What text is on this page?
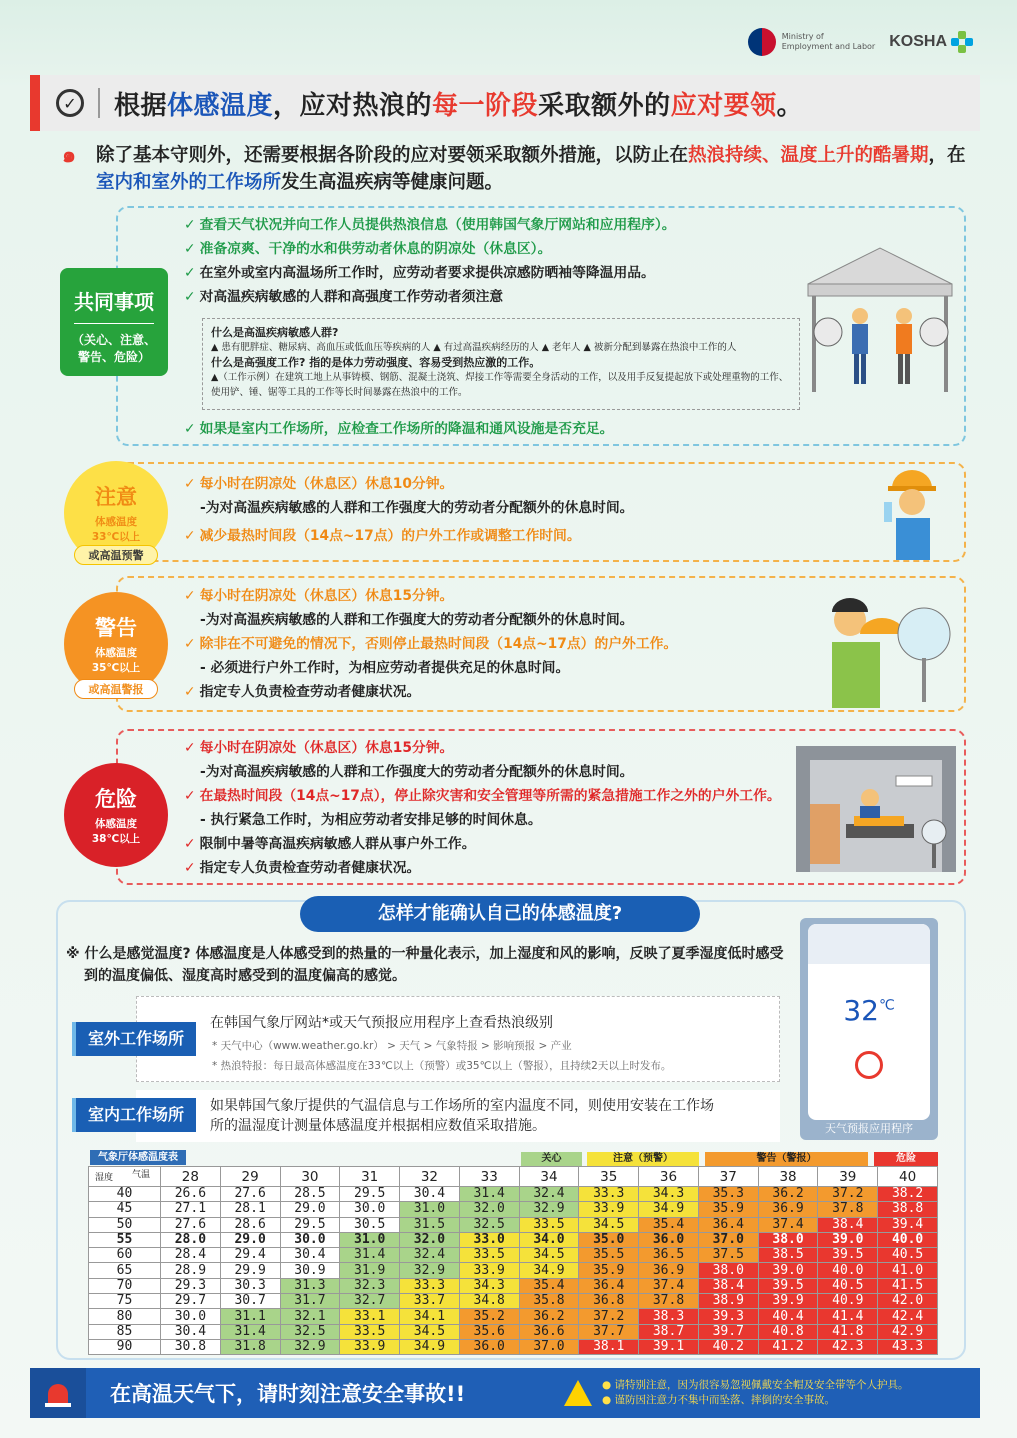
Ministry of
Employment and Labor KOSHA
✓ 根据体感温度，应对热浪的每一阶段采取额外的应对要领。
๑	除了基本守则外，还需要根据各阶段的应对要领采取额外措施，以防止在热浪持续、温度上升的酷暑期，在室内和室外的工作场所发生高温疾病等健康问题。
共同事项
（关心、注意、
警告、危险）
✓ 查看天气状况并向工作人员提供热浪信息（使用韩国气象厅网站和应用程序）。
✓ 准备凉爽、干净的水和供劳动者休息的阴凉处（休息区）。
✓ 在室外或室内高温场所工作时，应劳动者要求提供凉感防晒袖等降温用品。
✓ 对高温疾病敏感的人群和高强度工作劳动者须注意
什么是高温疾病敏感人群?
▲ 患有肥胖症、糖尿病、高血压或低血压等疾病的人 ▲ 有过高温疾病经历的人 ▲ 老年人 ▲ 被新分配到暴露在热浪中工作的人
什么是高强度工作? 指的是体力劳动强度、容易受到热应激的工作。
▲（工作示例）在建筑工地上从事铸模、钢筋、混凝土浇筑、焊接工作等需要全身活动的工作，以及用手反复提起放下或处理重物的工作、
使用铲、锤、锯等工具的工作等长时间暴露在热浪中的工作。
✓ 如果是室内工作场所，应检查工作场所的降温和通风设施是否充足。
注意
体感温度
33℃以上
或高温预警
✓ 每小时在阴凉处（休息区）休息10分钟。
-为对高温疾病敏感的人群和工作强度大的劳动者分配额外的休息时间。
✓ 减少最热时间段（14点~17点）的户外工作或调整工作时间。
警告
体感温度
35℃以上
或高温警报
✓ 每小时在阴凉处（休息区）休息15分钟。
-为对高温疾病敏感的人群和工作强度大的劳动者分配额外的休息时间。
✓ 除非在不可避免的情况下，否则停止最热时间段（14点~17点）的户外工作。
- 必须进行户外工作时，为相应劳动者提供充足的休息时间。
✓ 指定专人负责检查劳动者健康状况。
危险
体感温度
38℃以上
✓ 每小时在阴凉处（休息区）休息15分钟。
-为对高温疾病敏感的人群和工作强度大的劳动者分配额外的休息时间。
✓ 在最热时间段（14点~17点），停止除灾害和安全管理等所需的紧急措施工作之外的户外工作。
- 执行紧急工作时，为相应劳动者安排足够的时间休息。
✓ 限制中暑等高温疾病敏感人群从事户外工作。
✓ 指定专人负责检查劳动者健康状况。
怎样才能确认自己的体感温度?
※ 什么是感觉温度? 体感温度是人体感受到的热量的一种量化表示，加上湿度和风的影响，反映了夏季湿度低时感受
到的温度偏低、湿度高时感受到的温度偏高的感觉。
室外工作场所
在韩国气象厅网站*或天气预报应用程序上查看热浪级别
* 天气中心（www.weather.go.kr） > 天气 > 气象特报 > 影响预报 > 产业
* 热浪特报：每日最高体感温度在33℃以上（预警）或35℃以上（警报），且持续2天以上时发布。
室内工作场所	如果韩国气象厅提供的气温信息与工作场所的室内温度不同，则使用安装在工作场
所的温湿度计测量体感温度并根据相应数值采取措施。
32℃
天气预报应用程序
气象厅体感温度表	关心	注意（预警）	警告（警报）	危险
气温
湿度	28	29	30	31	32	33	34	35	36	37	38	39	40
40	26.6	27.6	28.5	29.5	30.4	31.4	32.4	33.3	34.3	35.3	36.2	37.2	38.2
45	27.1	28.1	29.0	30.0	31.0	32.0	32.9	33.9	34.9	35.9	36.9	37.8	38.8
50	27.6	28.6	29.5	30.5	31.5	32.5	33.5	34.5	35.4	36.4	37.4	38.4	39.4
55	28.0	29.0	30.0	31.0	32.0	33.0	34.0	35.0	36.0	37.0	38.0	39.0	40.0
60	28.4	29.4	30.4	31.4	32.4	33.5	34.5	35.5	36.5	37.5	38.5	39.5	40.5
65	28.9	29.9	30.9	31.9	32.9	33.9	34.9	35.9	36.9	38.0	39.0	40.0	41.0
70	29.3	30.3	31.3	32.3	33.3	34.3	35.4	36.4	37.4	38.4	39.5	40.5	41.5
75	29.7	30.7	31.7	32.7	33.7	34.8	35.8	36.8	37.8	38.9	39.9	40.9	42.0
80	30.0	31.1	32.1	33.1	34.1	35.2	36.2	37.2	38.3	39.3	40.4	41.4	42.4
85	30.4	31.4	32.5	33.5	34.5	35.6	36.6	37.7	38.7	39.7	40.8	41.8	42.9
90	30.8	31.8	32.9	33.9	34.9	36.0	37.0	38.1	39.1	40.2	41.2	42.3	43.3
在高温天气下，请时刻注意安全事故!!	● 请特别注意，因为很容易忽视佩戴安全帽及安全带等个人护具。
● 谨防因注意力不集中而坠落、摔倒的安全事故。
